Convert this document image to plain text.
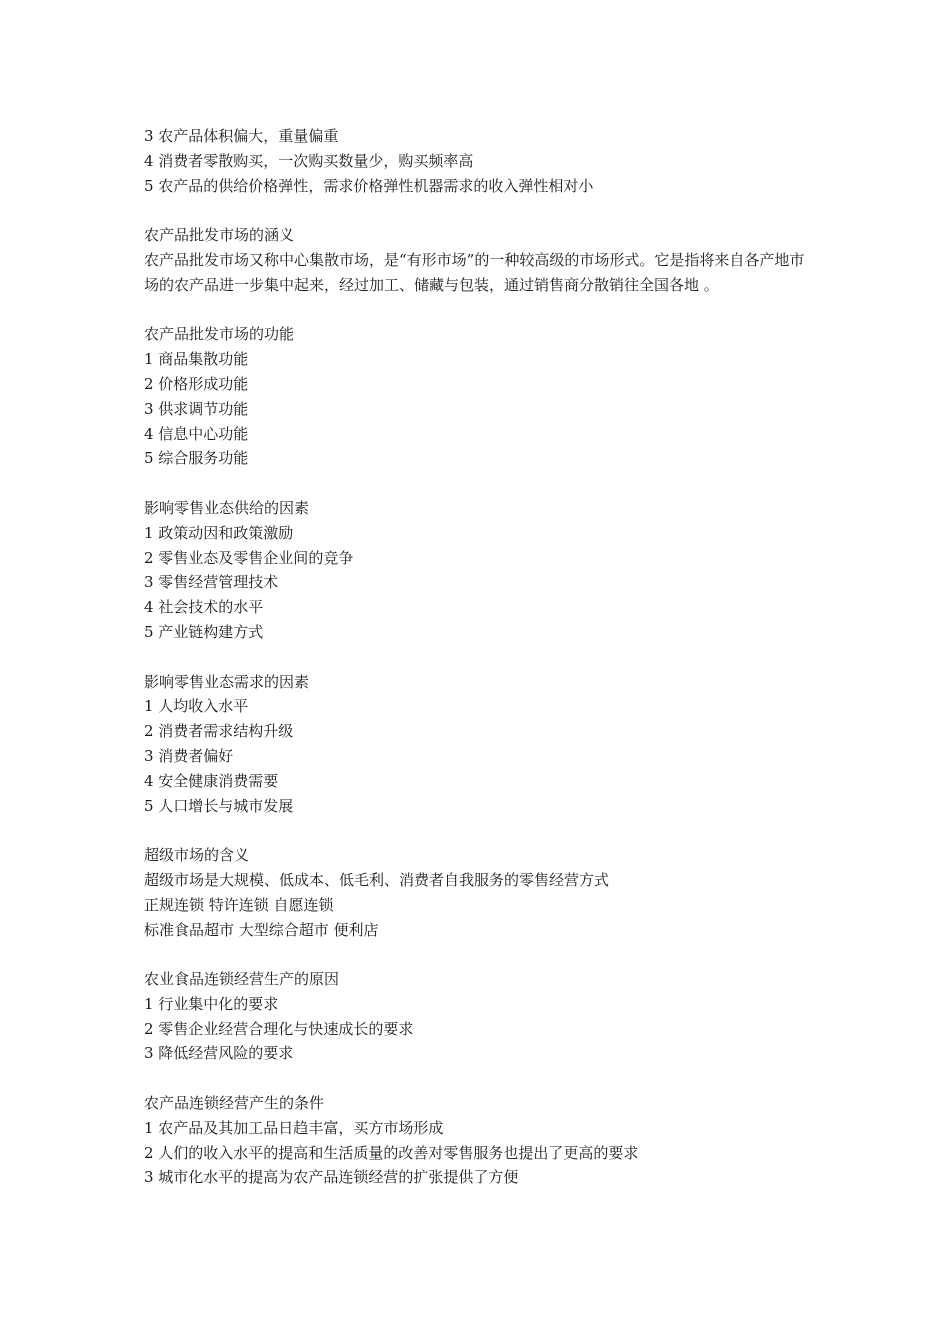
3 农产品体积偏大，重量偏重
4 消费者零散购买，一次购买数量少，购买频率高
5 农产品的供给价格弹性，需求价格弹性机器需求的收入弹性相对小
农产品批发市场的涵义
农产品批发市场又称中心集散市场，是“有形市场”的一种较高级的市场形式。它是指将来自各产地市场的农产品进一步集中起来，经过加工、储藏与包装，通过销售商分散销往全国各地 。
农产品批发市场的功能
1 商品集散功能
2 价格形成功能
3 供求调节功能
4 信息中心功能
5 综合服务功能
影响零售业态供给的因素
1 政策动因和政策激励
2 零售业态及零售企业间的竞争
3 零售经营管理技术
4 社会技术的水平
5 产业链构建方式
影响零售业态需求的因素
1 人均收入水平
2 消费者需求结构升级
3 消费者偏好
4 安全健康消费需要
5 人口增长与城市发展
超级市场的含义
超级市场是大规模、低成本、低毛利、消费者自我服务的零售经营方式
正规连锁 特许连锁 自愿连锁
标准食品超市 大型综合超市 便利店
农业食品连锁经营生产的原因
1 行业集中化的要求
2 零售企业经营合理化与快速成长的要求
3 降低经营风险的要求
农产品连锁经营产生的条件
1 农产品及其加工品日趋丰富，买方市场形成
2 人们的收入水平的提高和生活质量的改善对零售服务也提出了更高的要求
3 城市化水平的提高为农产品连锁经营的扩张提供了方便
